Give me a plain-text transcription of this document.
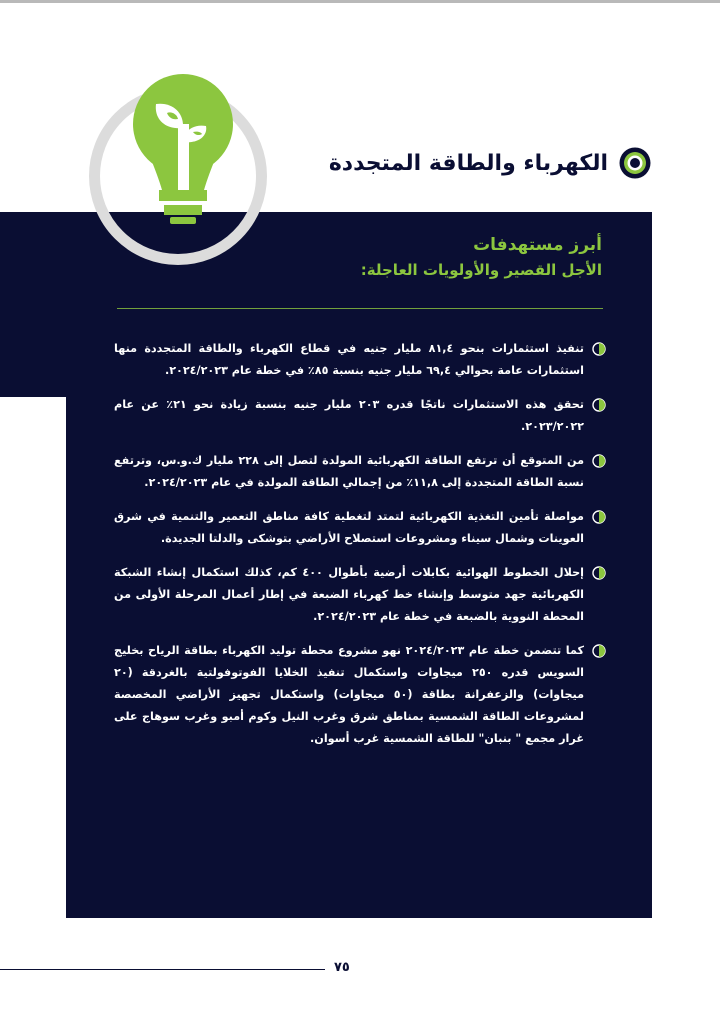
الكهرباء والطاقة المتجددة
أبرز مستهدفات
الأجل القصير والأولويات العاجلة:
تنفيذ استثمارات بنحو ٨١,٤ مليار جنيه في قطاع الكهرباء والطاقة المتجددة منها استثمارات عامة بحوالي ٦٩,٤ مليار جنيه بنسبة ٨٥٪ في خطة عام ٢٠٢٤/٢٠٢٣.
تحقق هذه الاستثمارات ناتجًا قدره ٢٠٣ مليار جنيه بنسبة زيادة نحو ٢١٪ عن عام ٢٠٢٣/٢٠٢٢.
من المتوقع أن ترتفع الطاقة الكهربائية المولدة لتصل إلى ٢٢٨ مليار ك.و.س، وترتفع نسبة الطاقة المتجددة إلى ١١,٨٪ من إجمالي الطاقة المولدة في عام ٢٠٢٤/٢٠٢٣.
مواصلة تأمين التغذية الكهربائية لتمتد لتغطية كافة مناطق التعمير والتنمية في شرق العوينات وشمال سيناء ومشروعات استصلاح الأراضي بتوشكى والدلتا الجديدة.
إحلال الخطوط الهوائية بكابلات أرضية بأطوال ٤٠٠ كم، كذلك استكمال إنشاء الشبكة الكهربائية جهد متوسط وإنشاء خط كهرباء الضبعة في إطار أعمال المرحلة الأولى من المحطة النووية بالضبعة في خطة عام ٢٠٢٤/٢٠٢٣.
كما تتضمن خطة عام ٢٠٢٤/٢٠٢٣ نهو مشروع محطة توليد الكهرباء بطاقة الرياح بخليج السويس قدره ٢٥٠ ميجاوات واستكمال تنفيذ الخلايا الفوتوفولتية بالغردقة (٢٠ ميجاوات) والزعفرانة بطاقة (٥٠ ميجاوات) واستكمال تجهيز الأراضي المخصصة لمشروعات الطاقة الشمسية بمناطق شرق وغرب النيل وكوم أمبو وغرب سوهاج على غرار مجمع " بنبان" للطاقة الشمسية غرب أسوان.
٧٥
